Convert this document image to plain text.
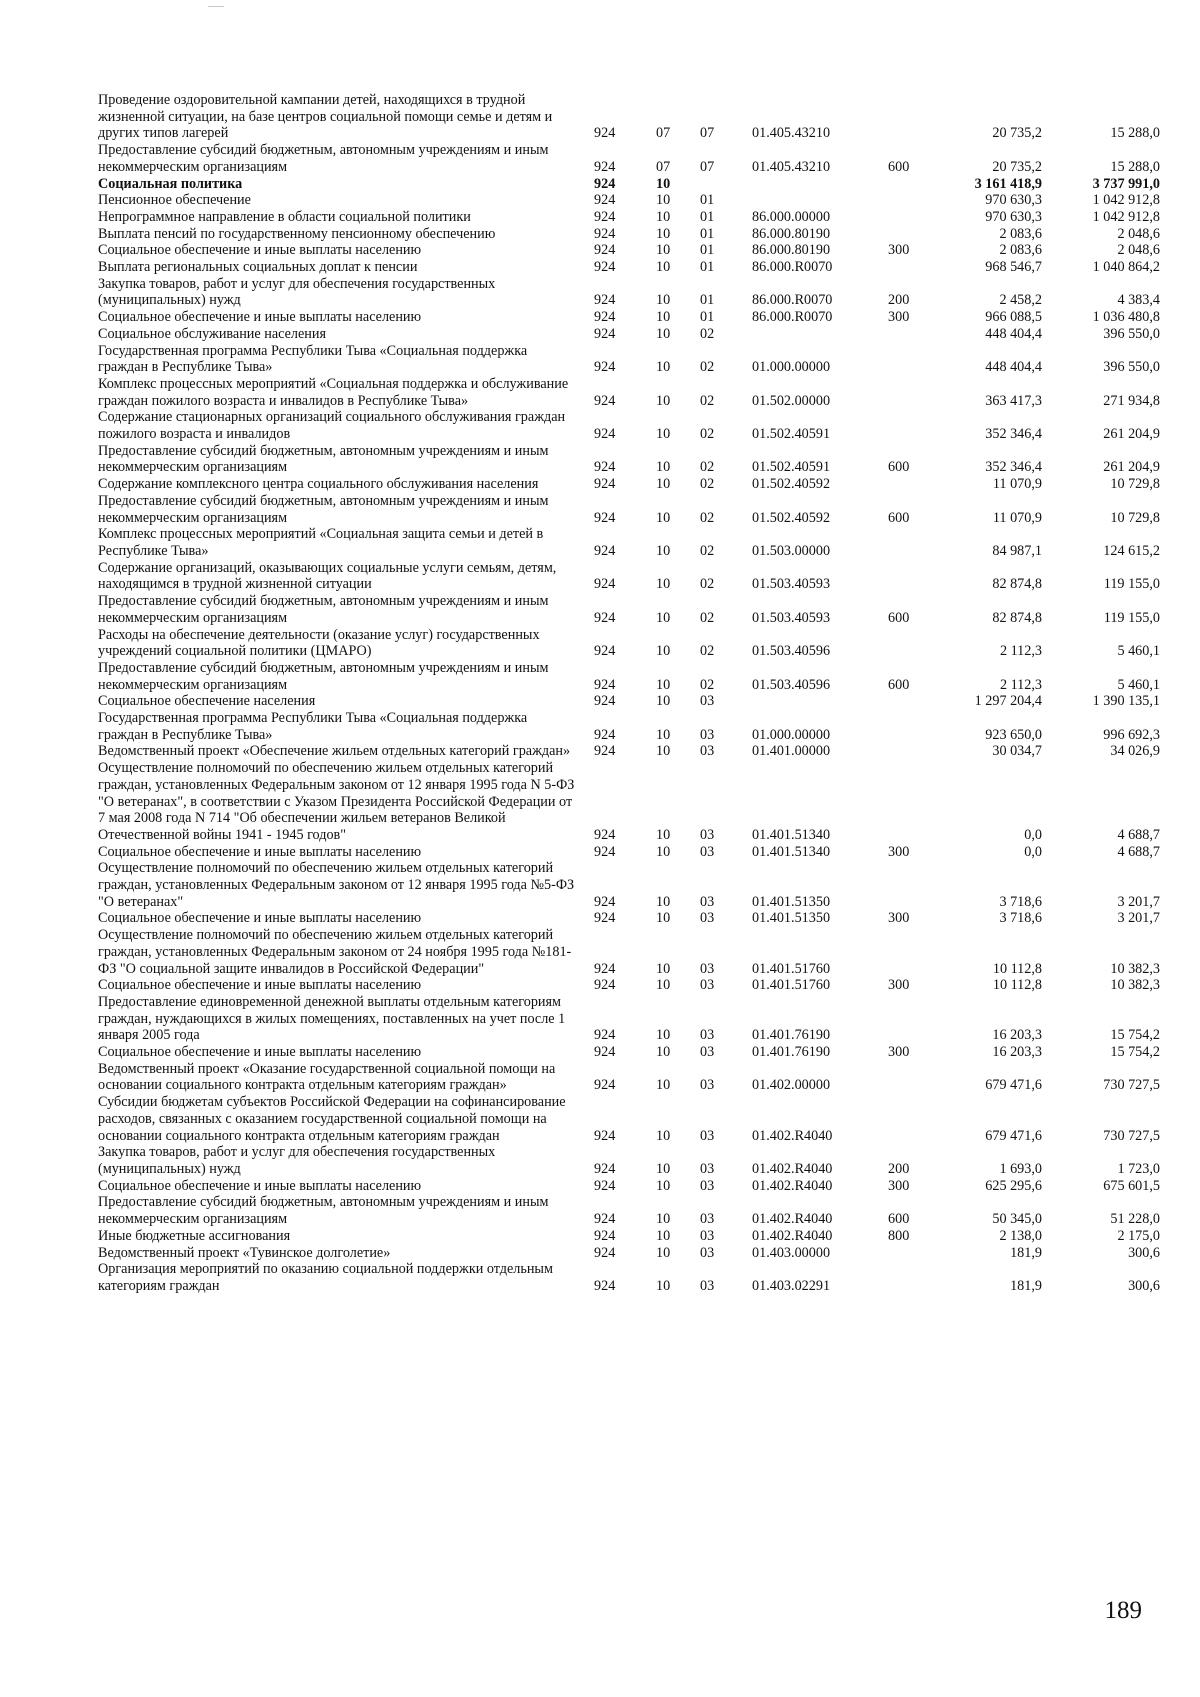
Проведение оздоровительной кампании детей, находящихся в трудной жизненной ситуации, на базе центров социальной помощи семье и детям и других типов лагерей	924	07	07	01.405.43210		20 735,2	15 288,0
Предоставление субсидий бюджетным, автономным учреждениям и иным некоммерческим организациям	924	07	07	01.405.43210	600	20 735,2	15 288,0
Социальная политика	924	10				3 161 418,9	3 737 991,0
Пенсионное обеспечение	924	10	01			970 630,3	1 042 912,8
Непрограммное направление в области социальной политики	924	10	01	86.000.00000		970 630,3	1 042 912,8
Выплата пенсий по государственному пенсионному обеспечению	924	10	01	86.000.80190		2 083,6	2 048,6
Социальное обеспечение и иные выплаты населению	924	10	01	86.000.80190	300	2 083,6	2 048,6
Выплата региональных социальных доплат к пенсии	924	10	01	86.000.R0070		968 546,7	1 040 864,2
Закупка товаров, работ и услуг для обеспечения государственных (муниципальных) нужд	924	10	01	86.000.R0070	200	2 458,2	4 383,4
Социальное обеспечение и иные выплаты населению	924	10	01	86.000.R0070	300	966 088,5	1 036 480,8
Социальное обслуживание населения	924	10	02			448 404,4	396 550,0
Государственная программа Республики Тыва «Социальная поддержка граждан в Республике Тыва»	924	10	02	01.000.00000		448 404,4	396 550,0
Комплекс процессных мероприятий «Социальная поддержка и обслуживание граждан пожилого возраста и инвалидов в Республике Тыва»	924	10	02	01.502.00000		363 417,3	271 934,8
Содержание стационарных организаций социального обслуживания граждан пожилого возраста и инвалидов	924	10	02	01.502.40591		352 346,4	261 204,9
Предоставление субсидий бюджетным, автономным учреждениям и иным некоммерческим организациям	924	10	02	01.502.40591	600	352 346,4	261 204,9
Содержание комплексного центра социального обслуживания населения	924	10	02	01.502.40592		11 070,9	10 729,8
Предоставление субсидий бюджетным, автономным учреждениям и иным некоммерческим организациям	924	10	02	01.502.40592	600	11 070,9	10 729,8
Комплекс процессных мероприятий «Социальная защита семьи и детей в Республике Тыва»	924	10	02	01.503.00000		84 987,1	124 615,2
Содержание организаций, оказывающих социальные услуги семьям, детям, находящимся в трудной жизненной ситуации	924	10	02	01.503.40593		82 874,8	119 155,0
Предоставление субсидий бюджетным, автономным учреждениям и иным некоммерческим организациям	924	10	02	01.503.40593	600	82 874,8	119 155,0
Расходы на обеспечение деятельности (оказание услуг) государственных учреждений социальной политики (ЦМАРО)	924	10	02	01.503.40596		2 112,3	5 460,1
Предоставление субсидий бюджетным, автономным учреждениям и иным некоммерческим организациям	924	10	02	01.503.40596	600	2 112,3	5 460,1
Социальное обеспечение населения	924	10	03			1 297 204,4	1 390 135,1
Государственная программа Республики Тыва «Социальная поддержка граждан в Республике Тыва»	924	10	03	01.000.00000		923 650,0	996 692,3
Ведомственный проект «Обеспечение жильем отдельных категорий граждан»	924	10	03	01.401.00000		30 034,7	34 026,9
Осуществление полномочий по обеспечению жильем отдельных категорий граждан, установленных Федеральным законом от 12 января 1995 года N 5-ФЗ "О ветеранах", в соответствии с Указом Президента Российской Федерации от 7 мая 2008 года N 714 "Об обеспечении жильем ветеранов Великой Отечественной войны 1941 - 1945 годов"	924	10	03	01.401.51340		0,0	4 688,7
Социальное обеспечение и иные выплаты населению	924	10	03	01.401.51340	300	0,0	4 688,7
Осуществление полномочий по обеспечению жильем отдельных категорий граждан, установленных Федеральным законом от 12 января 1995 года №5-ФЗ "О ветеранах"	924	10	03	01.401.51350		3 718,6	3 201,7
Социальное обеспечение и иные выплаты населению	924	10	03	01.401.51350	300	3 718,6	3 201,7
Осуществление полномочий по обеспечению жильем отдельных категорий граждан, установленных Федеральным законом от 24 ноября 1995 года №181-ФЗ "О социальной защите инвалидов в Российской Федерации"	924	10	03	01.401.51760		10 112,8	10 382,3
Социальное обеспечение и иные выплаты населению	924	10	03	01.401.51760	300	10 112,8	10 382,3
Предоставление единовременной денежной выплаты отдельным категориям граждан, нуждающихся в жилых помещениях, поставленных на учет после 1 января 2005 года	924	10	03	01.401.76190		16 203,3	15 754,2
Социальное обеспечение и иные выплаты населению	924	10	03	01.401.76190	300	16 203,3	15 754,2
Ведомственный проект «Оказание государственной социальной помощи на основании социального контракта отдельным категориям граждан»	924	10	03	01.402.00000		679 471,6	730 727,5
Субсидии бюджетам субъектов Российской Федерации на софинансирование расходов, связанных с оказанием государственной социальной помощи на основании социального контракта отдельным категориям граждан	924	10	03	01.402.R4040		679 471,6	730 727,5
Закупка товаров, работ и услуг для обеспечения государственных (муниципальных) нужд	924	10	03	01.402.R4040	200	1 693,0	1 723,0
Социальное обеспечение и иные выплаты населению	924	10	03	01.402.R4040	300	625 295,6	675 601,5
Предоставление субсидий бюджетным, автономным учреждениям и иным некоммерческим организациям	924	10	03	01.402.R4040	600	50 345,0	51 228,0
Иные бюджетные ассигнования	924	10	03	01.402.R4040	800	2 138,0	2 175,0
Ведомственный проект «Тувинское долголетие»	924	10	03	01.403.00000		181,9	300,6
Организация мероприятий по оказанию социальной поддержки отдельным категориям граждан	924	10	03	01.403.02291		181,9	300,6
189
